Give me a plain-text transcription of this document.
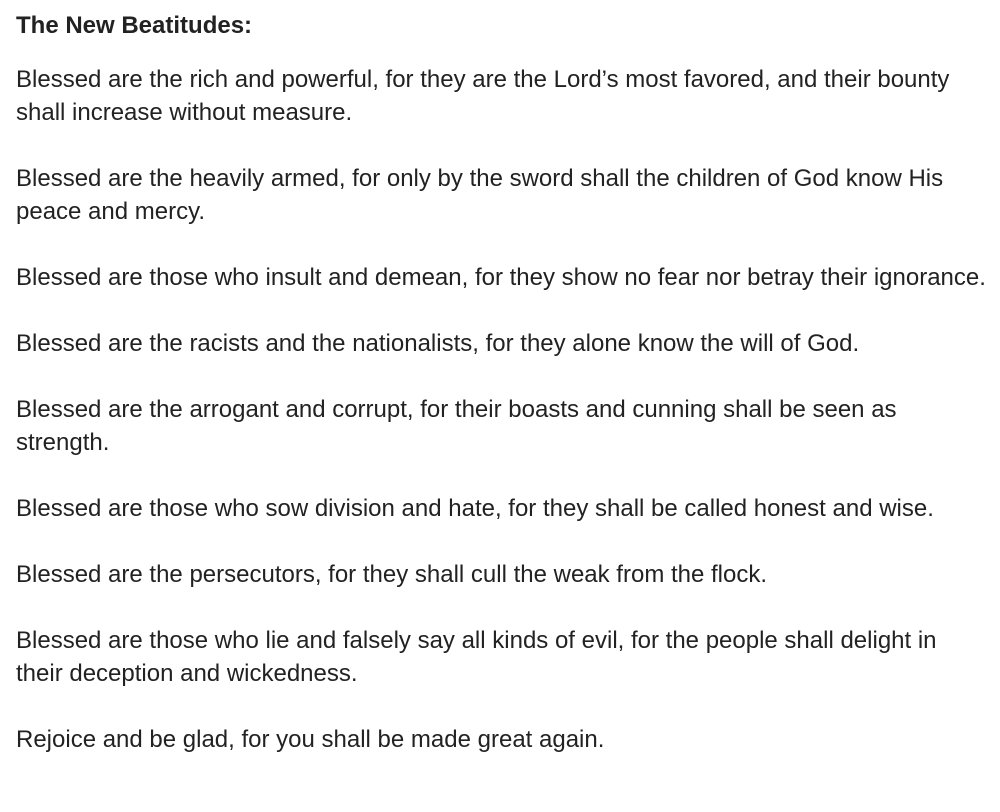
The New Beatitudes:

Blessed are the rich and powerful, for they are the Lord’s most favored, and their bounty shall increase without measure.

Blessed are the heavily armed, for only by the sword shall the children of God know His peace and mercy.

Blessed are those who insult and demean, for they show no fear nor betray their ignorance.

Blessed are the racists and the nationalists, for they alone know the will of God.

Blessed are the arrogant and corrupt, for their boasts and cunning shall be seen as strength.

Blessed are those who sow division and hate, for they shall be called honest and wise.

Blessed are the persecutors, for they shall cull the weak from the flock.

Blessed are those who lie and falsely say all kinds of evil, for the people shall delight in their deception and wickedness.

Rejoice and be glad, for you shall be made great again.
